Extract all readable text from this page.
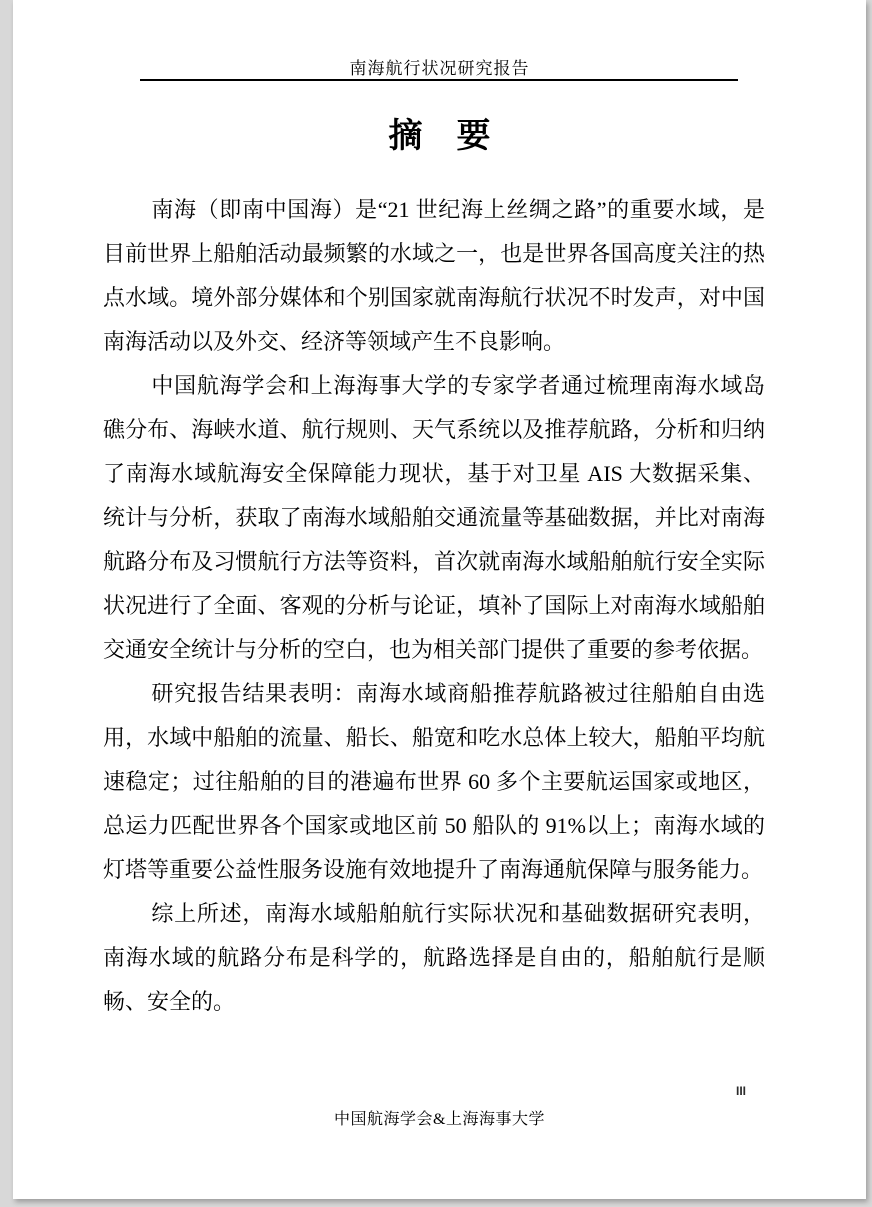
南海航行状况研究报告
摘　要

南海（即南中国海）是“21 世纪海上丝绸之路”的重要水域，是目前世界上船舶活动最频繁的水域之一，也是世界各国高度关注的热点水域。境外部分媒体和个别国家就南海航行状况不时发声，对中国南海活动以及外交、经济等领域产生不良影响。

中国航海学会和上海海事大学的专家学者通过梳理南海水域岛礁分布、海峡水道、航行规则、天气系统以及推荐航路，分析和归纳了南海水域航海安全保障能力现状，基于对卫星 AIS 大数据采集、统计与分析，获取了南海水域船舶交通流量等基础数据，并比对南海航路分布及习惯航行方法等资料，首次就南海水域船舶航行安全实际状况进行了全面、客观的分析与论证，填补了国际上对南海水域船舶交通安全统计与分析的空白，也为相关部门提供了重要的参考依据。

研究报告结果表明：南海水域商船推荐航路被过往船舶自由选用，水域中船舶的流量、船长、船宽和吃水总体上较大，船舶平均航速稳定；过往船舶的目的港遍布世界 60 多个主要航运国家或地区，总运力匹配世界各个国家或地区前 50 船队的 91%以上；南海水域的灯塔等重要公益性服务设施有效地提升了南海通航保障与服务能力。

综上所述，南海水域船舶航行实际状况和基础数据研究表明，南海水域的航路分布是科学的，航路选择是自由的，船舶航行是顺畅、安全的。

III
中国航海学会&上海海事大学
